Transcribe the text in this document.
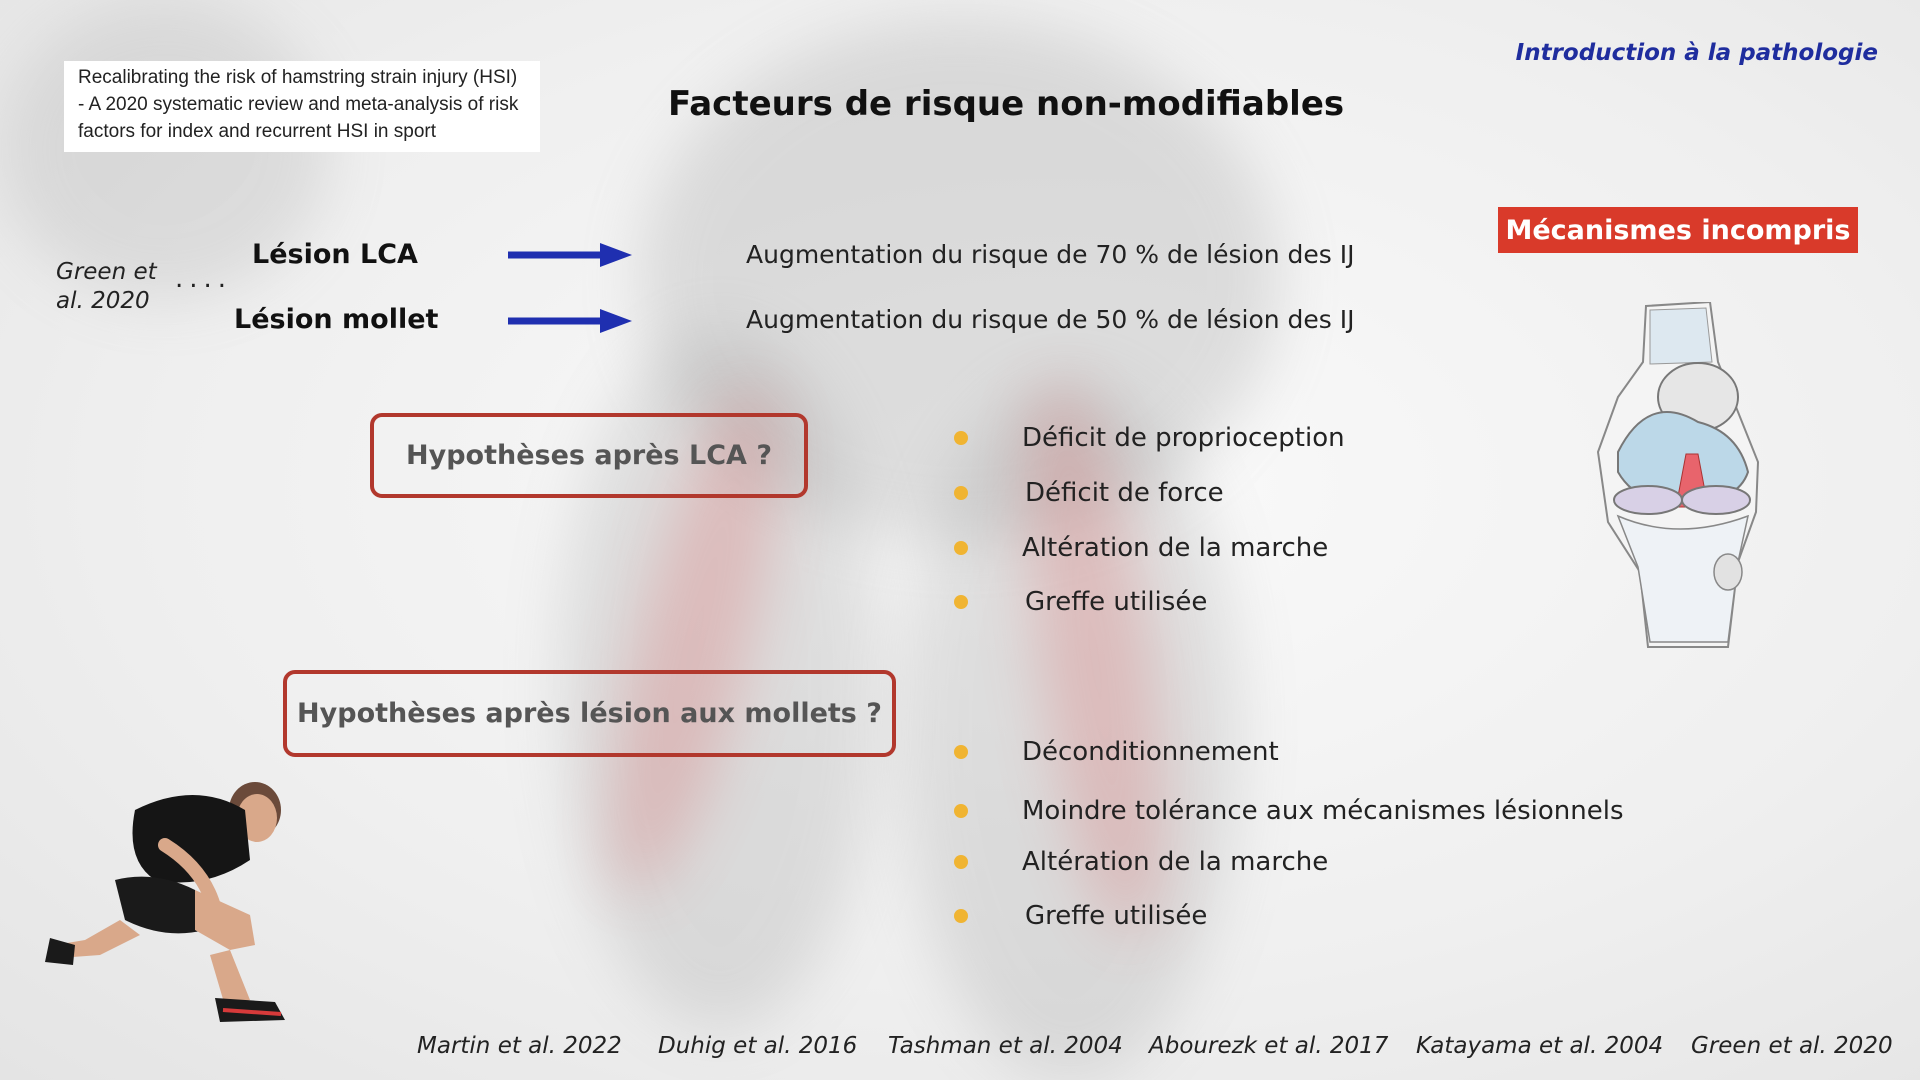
Recalibrating the risk of hamstring strain injury (HSI)
- A 2020 systematic review and meta-analysis of risk
factors for index and recurrent HSI in sport
Introduction à la pathologie
Facteurs de risque non-modifiables
Green et al. 2020
....
Lésion LCA	Augmentation du risque de 70 % de lésion des IJ
Lésion mollet	Augmentation du risque de 50 % de lésion des IJ
Hypothèses après LCA ?
Hypothèses après lésion aux mollets ?
Déficit de proprioception
Déficit de force
Altération de la marche
Greffe utilisée
Déconditionnement
Moindre tolérance aux mécanismes lésionnels
Altération de la marche
Greffe utilisée
Mécanismes incompris
Martin et al. 2022 Duhig et al. 2016 Tashman et al. 2004 Abourezk et al. 2017 Katayama et al. 2004 Green et al. 2020
